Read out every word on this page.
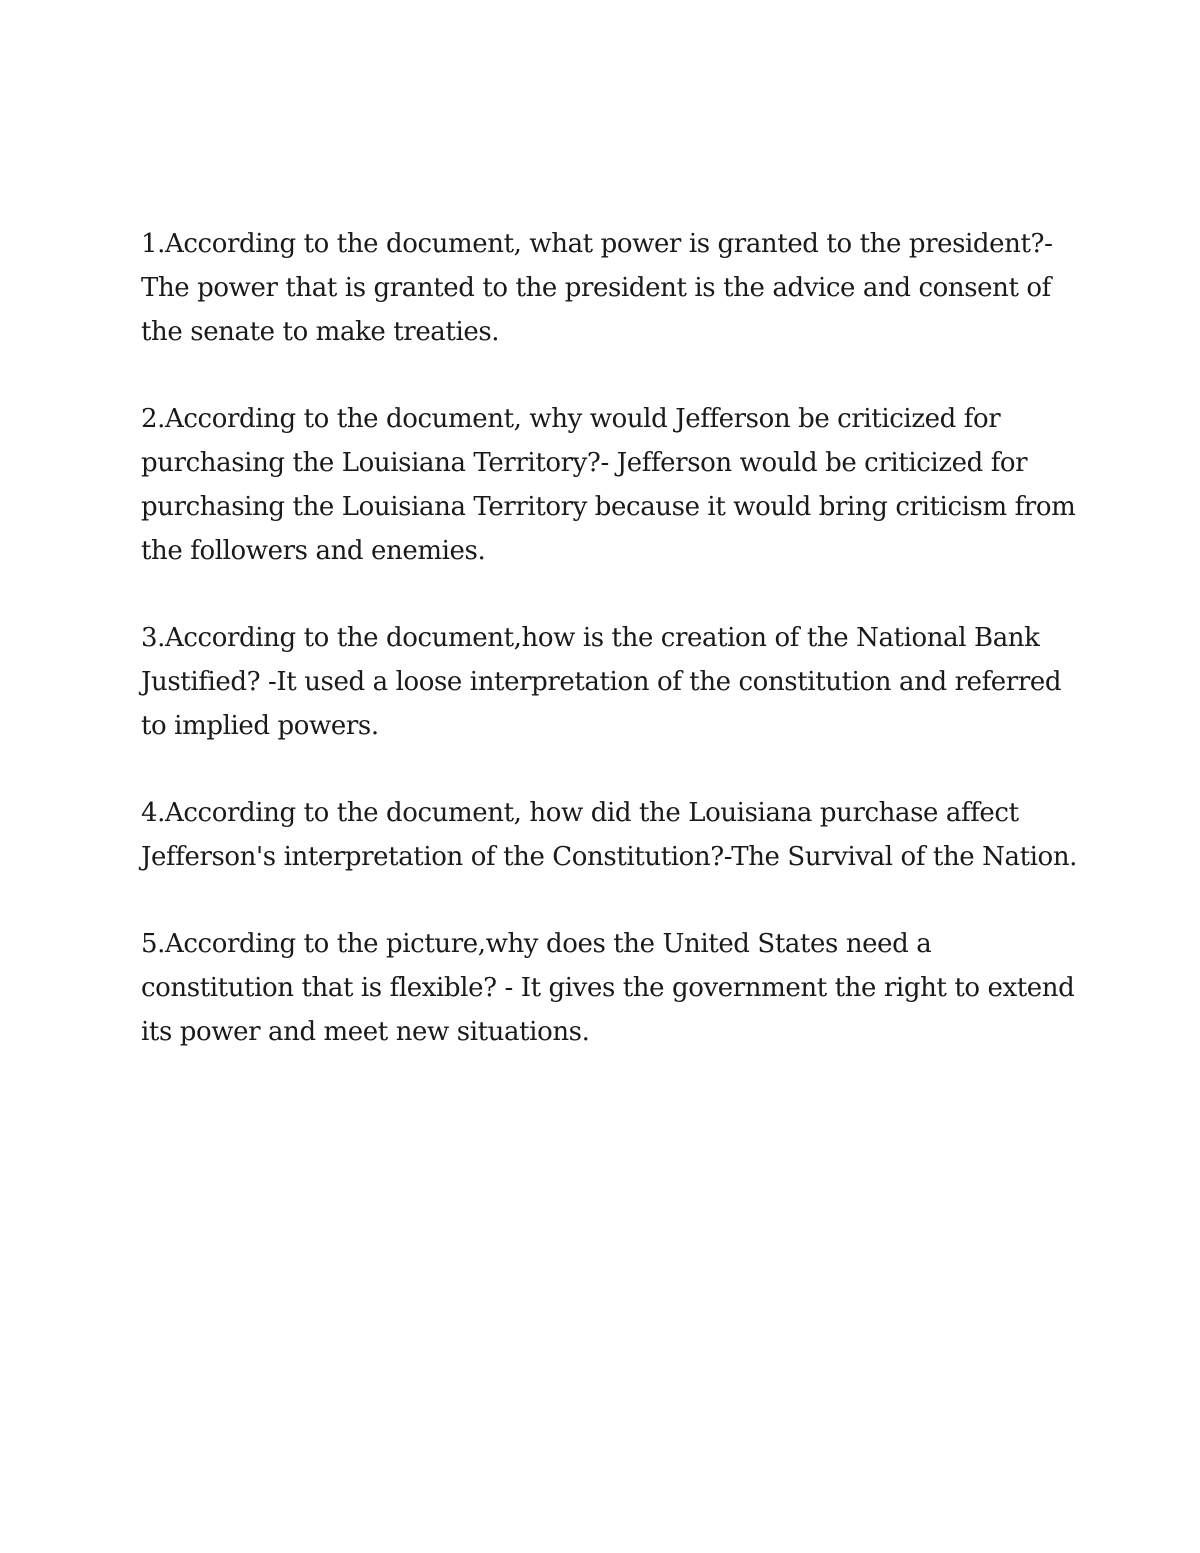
1.According to the document, what power is granted to the president?- The power that is granted to the president is the advice and consent of the senate to make treaties.

2.According to the document, why would Jefferson be criticized for purchasing the Louisiana Territory?- Jefferson would be criticized for purchasing the Louisiana Territory because it would bring criticism from the followers and enemies.

3.According to the document,how is the creation of the National Bank Justified? -It used a loose interpretation of the constitution and referred to implied powers.

4.According to the document, how did the Louisiana purchase affect Jefferson's interpretation of the Constitution?-The Survival of the Nation.

5.According to the picture,why does the United States need a constitution that is flexible? - It gives the government the right to extend its power and meet new situations.
